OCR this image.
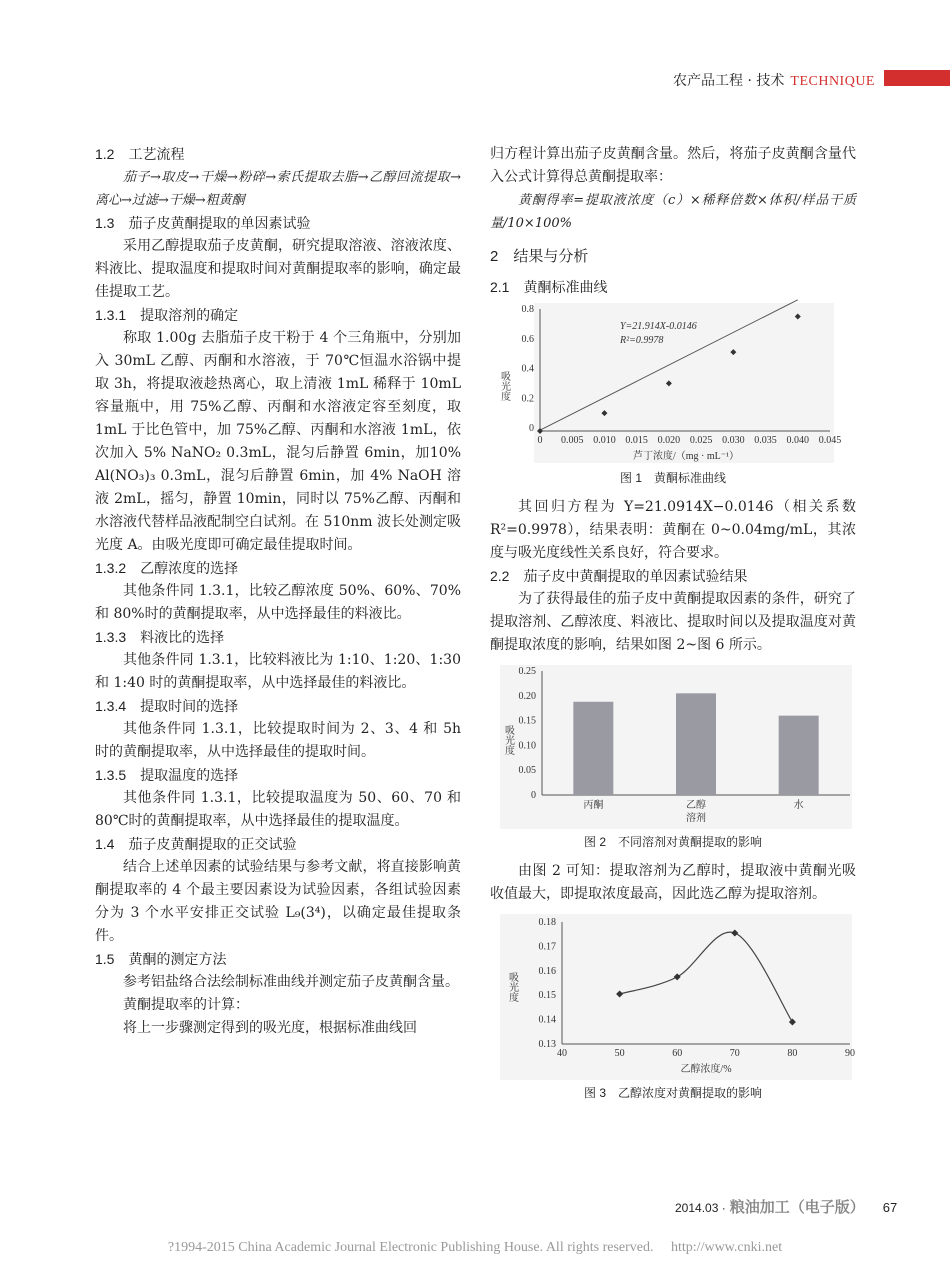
农产品工程 · 技术 TECHNIQUE

1.2　工艺流程

茄子→取皮→干燥→粉碎→索氏提取去脂→乙醇回流提取→离心→过滤→干燥→粗黄酮

1.3　茄子皮黄酮提取的单因素试验

采用乙醇提取茄子皮黄酮，研究提取溶液、溶液浓度、料液比、提取温度和提取时间对黄酮提取率的影响，确定最佳提取工艺。

1.3.1　提取溶剂的确定

称取 1.00g 去脂茄子皮干粉于 4 个三角瓶中，分别加入 30mL 乙醇、丙酮和水溶液，于 70℃恒温水浴锅中提取 3h，将提取液趁热离心，取上清液 1mL 稀释于 10mL 容量瓶中，用 75%乙醇、丙酮和水溶液定容至刻度，取 1mL 于比色管中，加 75%乙醇、丙酮和水溶液 1mL，依次加入 5% NaNO₂ 0.3mL，混匀后静置 6min，加10% Al(NO₃)₃ 0.3mL，混匀后静置 6min，加 4% NaOH 溶液 2mL，摇匀，静置 10min，同时以 75%乙醇、丙酮和水溶液代替样品液配制空白试剂。在 510nm 波长处测定吸光度 A。由吸光度即可确定最佳提取时间。

1.3.2　乙醇浓度的选择

其他条件同 1.3.1，比较乙醇浓度 50%、60%、70%和 80%时的黄酮提取率，从中选择最佳的料液比。

1.3.3　料液比的选择

其他条件同 1.3.1，比较料液比为 1:10、1:20、1:30 和 1:40 时的黄酮提取率，从中选择最佳的料液比。

1.3.4　提取时间的选择

其他条件同 1.3.1，比较提取时间为 2、3、4 和 5h 时的黄酮提取率，从中选择最佳的提取时间。

1.3.5　提取温度的选择

其他条件同 1.3.1，比较提取温度为 50、60、70 和 80℃时的黄酮提取率，从中选择最佳的提取温度。

1.4　茄子皮黄酮提取的正交试验

结合上述单因素的试验结果与参考文献，将直接影响黄酮提取率的 4 个最主要因素设为试验因素，各组试验因素分为 3 个水平安排正交试验 L₉(3⁴)，以确定最佳提取条件。

1.5　黄酮的测定方法

参考铝盐络合法绘制标准曲线并测定茄子皮黄酮含量。

黄酮提取率的计算：

将上一步骤测定得到的吸光度，根据标准曲线回

归方程计算出茄子皮黄酮含量。然后，将茄子皮黄酮含量代入公式计算得总黄酮提取率：

黄酮得率=提取液浓度（c）×稀释倍数×体积/样品干质量/10×100%

2　结果与分析

2.1　黄酮标准曲线

0 0.005 0.010 0.015 0.020 0.025 0.030 0.035 0.040 0.045
0
0.2
0.4
0.6
0.8
Y=21.914X-0.0146
R²=0.9978
吸光度
芦丁浓度/（mg · mL⁻¹）

图 1　黄酮标准曲线

其回归方程为 Y=21.0914X−0.0146（相关系数 R²=0.9978），结果表明：黄酮在 0~0.04mg/mL，其浓度与吸光度线性关系良好，符合要求。

2.2　茄子皮中黄酮提取的单因素试验结果

为了获得最佳的茄子皮中黄酮提取因素的条件，研究了提取溶剂、乙醇浓度、料液比、提取时间以及提取温度对黄酮提取浓度的影响，结果如图 2~图 6 所示。

0
0.05
0.10
0.15
0.20
0.25
丙酮	乙醇	水
吸光度
溶剂

图 2　不同溶剂对黄酮提取的影响

由图 2 可知：提取溶剂为乙醇时，提取液中黄酮光吸收值最大，即提取浓度最高，因此选乙醇为提取溶剂。

40	50	60	70	80	90
0.13
0.14
0.15
0.16
0.17
0.18
吸光度
乙醇浓度/%

图 3　乙醇浓度对黄酮提取的影响

2014.03 · 粮油加工（电子版） 67
?1994-2015 China Academic Journal Electronic Publishing House. All rights reserved.　 http://www.cnki.net
